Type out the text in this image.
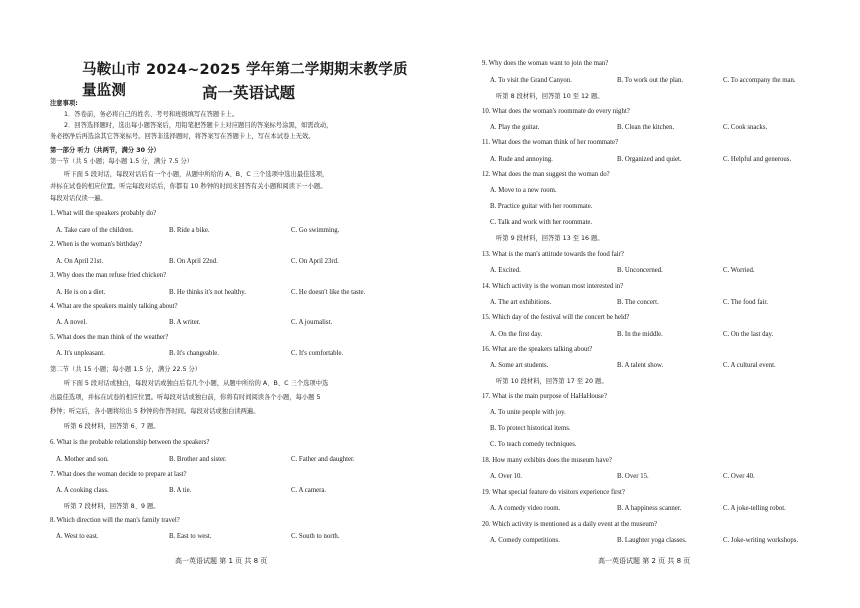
马鞍山市 2024~2025 学年第二学期期末教学质量监测	高一英语试题
注意事项:
1．答卷前，务必将自己的姓名、考号和班级填写在答题卡上。
2．回答选择题时，选出每小题答案后，用铅笔把答题卡上对应题目的答案标号涂黑，如需改动，
务必擦净后再选涂其它答案标号。回答非选择题时，将答案写在答题卡上，写在本试卷上无效。
第一部分 听力（共两节，满分 30 分）
第一节（共 5 小题；每小题 1.5 分，满分 7.5 分）
听下面 5 段对话，每段对话后有一个小题，从题中所给的 A、B、C 三个选项中选出最佳选项，
并标在试卷的相应位置。听完每段对话后，你都有 10 秒钟的时间来回答有关小题和阅读下一小题。
每段对话仅读一遍。
1. What will the speakers probably do?
A. Take care of the children.	B. Ride a bike.	C. Go swimming.
2. When is the woman's birthday?
A. On April 21st.	B. On April 22nd.	C. On April 23rd.
3. Why does the man refuse fried chicken?
A. He is on a diet.	B. He thinks it's not healthy.	C. He doesn't like the taste.
4. What are the speakers mainly talking about?
A. A novel.	B. A writer.	C. A journalist.
5. What does the man think of the weather?
A. It's unpleasant.	B. It's changeable.	C. It's comfortable.
第二节（共 15 小题；每小题 1.5 分，满分 22.5 分）
听下面 5 段对话或独白，每段对话或独白后有几个小题，从题中所给的 A、B、C 三个选项中选
出最佳选项，并标在试卷的相应位置。听每段对话或独白前，你将有时间阅读各个小题，每小题 5
秒钟；听完后，各小题将给出 5 秒钟的作答时间。每段对话或独白读两遍。
听第 6 段材料，回答第 6、7 题。
6. What is the probable relationship between the speakers?
A. Mother and son.	B. Brother and sister.	C. Father and daughter.
7. What does the woman decide to prepare at last?
A. A cooking class.	B. A tie.	C. A camera.
听第 7 段材料，回答第 8、9 题。
8. Which direction will the man's family travel?
A. West to east.	B. East to west.	C. South to north.
高一英语试题 第 1 页 共 8 页
9. Why does the woman want to join the man?
A. To visit the Grand Canyon.	B. To work out the plan.	C. To accompany the man.
听第 8 段材料，回答第 10 至 12 题。
10. What does the woman's roommate do every night?
A. Play the guitar.	B. Clean the kitchen.	C. Cook snacks.
11. What does the woman think of her roommate?
A. Rude and annoying.	B. Organized and quiet.	C. Helpful and generous.
12. What does the man suggest the woman do?
A. Move to a new room.
B. Practice guitar with her roommate.
C. Talk and work with her roommate.
听第 9 段材料，回答第 13 至 16 题。
13. What is the man's attitude towards the food fair?
A. Excited.	B. Unconcerned.	C. Worried.
14. Which activity is the woman most interested in?
A. The art exhibitions.	B. The concert.	C. The food fair.
15. Which day of the festival will the concert be held?
A. On the first day.	B. In the middle.	C. On the last day.
16. What are the speakers talking about?
A. Some art students.	B. A talent show.	C. A cultural event.
听第 10 段材料，回答第 17 至 20 题。
17. What is the main purpose of HaHaHouse?
A. To unite people with joy.
B. To protect historical items.
C. To teach comedy techniques.
18. How many exhibits does the museum have?
A. Over 10.	B. Over 15.	C. Over 40.
19. What special feature do visitors experience first?
A. A comedy video room.	B. A happiness scanner.	C. A joke-telling robot.
20. Which activity is mentioned as a daily event at the museum?
A. Comedy competitions.	B. Laughter yoga classes.	C. Joke-writing workshops.
高一英语试题 第 2 页 共 8 页
